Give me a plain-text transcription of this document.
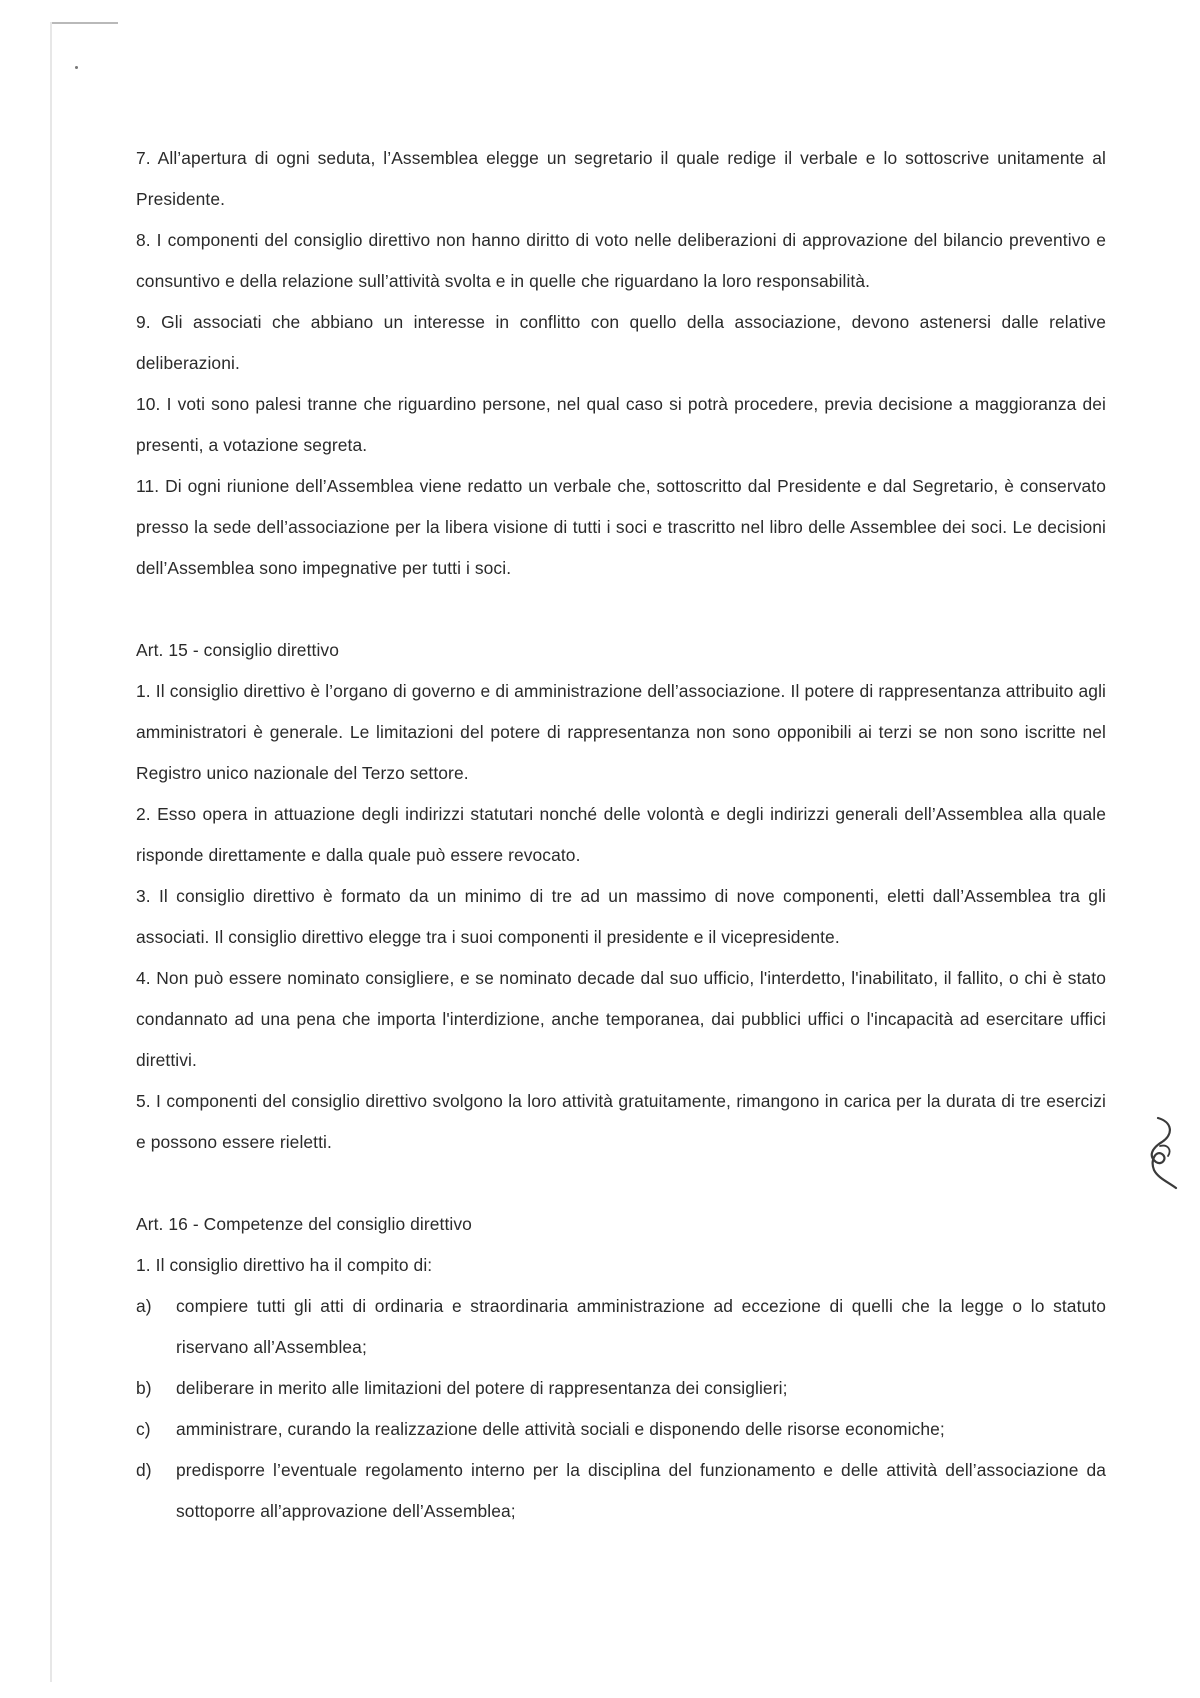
7. All’apertura di ogni seduta, l’Assemblea elegge un segretario il quale redige il verbale e lo sottoscrive unitamente al Presidente.

8. I componenti del consiglio direttivo non hanno diritto di voto nelle deliberazioni di approvazione del bilancio preventivo e consuntivo e della relazione sull’attività svolta e in quelle che riguardano la loro responsabilità.

9. Gli associati che abbiano un interesse in conflitto con quello della associazione, devono astenersi dalle relative deliberazioni.

10. I voti sono palesi tranne che riguardino persone, nel qual caso si potrà procedere, previa decisione a maggioranza dei presenti, a votazione segreta.

11. Di ogni riunione dell’Assemblea viene redatto un verbale che, sottoscritto dal Presidente e dal Segretario, è conservato presso la sede dell’associazione per la libera visione di tutti i soci e trascritto nel libro delle Assemblee dei soci. Le decisioni dell’Assemblea sono impegnative per tutti i soci.

Art. 15 - consiglio direttivo

1. Il consiglio direttivo è l’organo di governo e di amministrazione dell’associazione. Il potere di rappresentanza attribuito agli amministratori è generale. Le limitazioni del potere di rappresentanza non sono opponibili ai terzi se non sono iscritte nel Registro unico nazionale del Terzo settore.

2. Esso opera in attuazione degli indirizzi statutari nonché delle volontà e degli indirizzi generali dell’Assemblea alla quale risponde direttamente e dalla quale può essere revocato.

3. Il consiglio direttivo è formato da un minimo di tre ad un massimo di nove componenti, eletti dall’Assemblea tra gli associati. Il consiglio direttivo elegge tra i suoi componenti il presidente e il vicepresidente.

4. Non può essere nominato consigliere, e se nominato decade dal suo ufficio, l'interdetto, l'inabilitato, il fallito, o chi è stato condannato ad una pena che importa l'interdizione, anche temporanea, dai pubblici uffici o l'incapacità ad esercitare uffici direttivi.

5. I componenti del consiglio direttivo svolgono la loro attività gratuitamente, rimangono in carica per la durata di tre esercizi e possono essere rieletti.

Art. 16 - Competenze del consiglio direttivo

1. Il consiglio direttivo ha il compito di:

a)	compiere tutti gli atti di ordinaria e straordinaria amministrazione ad eccezione di quelli che la legge o lo statuto riservano all’Assemblea;

b)	deliberare in merito alle limitazioni del potere di rappresentanza dei consiglieri;

c)	amministrare, curando la realizzazione delle attività sociali e disponendo delle risorse economiche;

d)	predisporre l’eventuale regolamento interno per la disciplina del funzionamento e delle attività dell’associazione da sottoporre all’approvazione dell’Assemblea;
